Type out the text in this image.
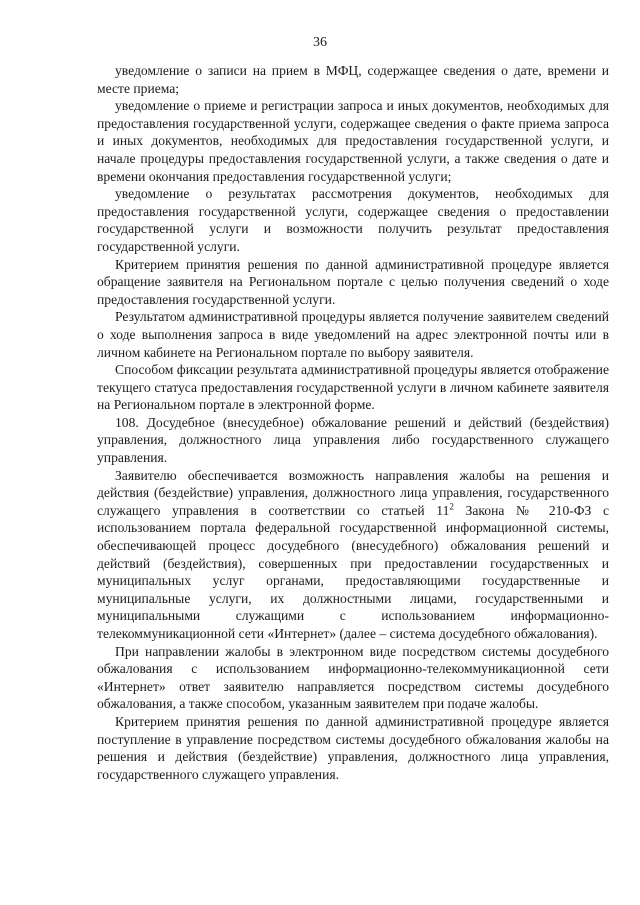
36

уведомление о записи на прием в МФЦ, содержащее сведения о дате, времени и месте приема;

уведомление о приеме и регистрации запроса и иных документов, необходимых для предоставления государственной услуги, содержащее сведения о факте приема запроса и иных документов, необходимых для предоставления государственной услуги, и начале процедуры предоставления государственной услуги, а также сведения о дате и времени окончания предоставления государственной услуги;

уведомление о результатах рассмотрения документов, необходимых для предоставления государственной услуги, содержащее сведения о предоставлении государственной услуги и возможности получить результат предоставления государственной услуги.

Критерием принятия решения по данной административной процедуре является обращение заявителя на Региональном портале с целью получения сведений о ходе предоставления государственной услуги.

Результатом административной процедуры является получение заявителем сведений о ходе выполнения запроса в виде уведомлений на адрес электронной почты или в личном кабинете на Региональном портале по выбору заявителя.

Способом фиксации результата административной процедуры является отображение текущего статуса предоставления государственной услуги в личном кабинете заявителя на Региональном портале в электронной форме.

108. Досудебное (внесудебное) обжалование решений и действий (бездействия) управления, должностного лица управления либо государственного служащего управления.

Заявителю обеспечивается возможность направления жалобы на решения и действия (бездействие) управления, должностного лица управления, государственного служащего управления в соответствии со статьей $11^2$ Закона № 210-ФЗ с использованием портала федеральной государственной информационной системы, обеспечивающей процесс досудебного (внесудебного) обжалования решений и действий (бездействия), совершенных при предоставлении государственных и муниципальных услуг органами, предоставляющими государственные и муниципальные услуги, их должностными лицами, государственными и муниципальными служащими с использованием информационно-телекоммуникационной сети «Интернет» (далее – система досудебного обжалования).

При направлении жалобы в электронном виде посредством системы досудебного обжалования с использованием информационно-телекоммуникационной сети «Интернет» ответ заявителю направляется посредством системы досудебного обжалования, а также способом, указанным заявителем при подаче жалобы.

Критерием принятия решения по данной административной процедуре является поступление в управление посредством системы досудебного обжалования жалобы на решения и действия (бездействие) управления, должностного лица управления, государственного служащего управления.
